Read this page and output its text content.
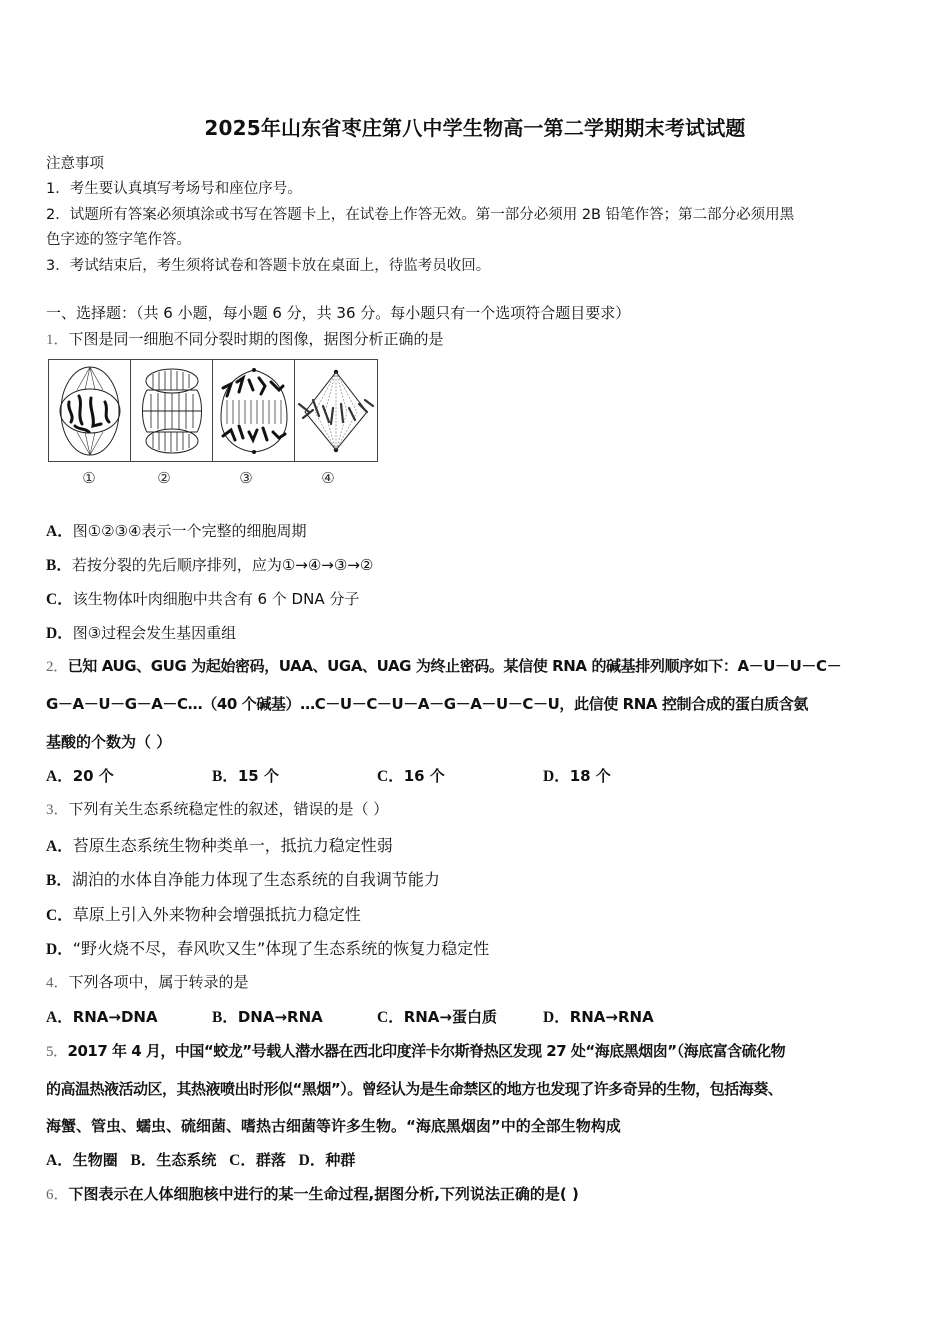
2025年山东省枣庄第八中学生物高一第二学期期末考试试题
注意事项
1．考生要认真填写考场号和座位序号。
2．试题所有答案必须填涂或书写在答题卡上，在试卷上作答无效。第一部分必须用 2B 铅笔作答；第二部分必须用黑
色字迹的签字笔作答。
3．考试结束后，考生须将试卷和答题卡放在桌面上，待监考员收回。
一、选择题：（共 6 小题，每小题 6 分，共 36 分。每小题只有一个选项符合题目要求）
1．下图是同一细胞不同分裂时期的图像，据图分析正确的是
①	②	③	④
A．图①②③④表示一个完整的细胞周期
B．若按分裂的先后顺序排列，应为①→④→③→②
C．该生物体叶肉细胞中共含有 6 个 DNA 分子
D．图③过程会发生基因重组
2．已知 AUG、GUG 为起始密码，UAA、UGA、UAG 为终止密码。某信使 RNA 的碱基排列顺序如下：A－U－U－C－
G－A－U－G－A－C…（40 个碱基）…C－U－C－U－A－G－A－U－C－U，此信使 RNA 控制合成的蛋白质含氨
基酸的个数为（ ）
A．20 个	B．15 个	C．16 个	D．18 个
3．下列有关生态系统稳定性的叙述，错误的是（ ）
A．苔原生态系统生物种类单一，抵抗力稳定性弱
B．湖泊的水体自净能力体现了生态系统的自我调节能力
C．草原上引入外来物种会增强抵抗力稳定性
D．“野火烧不尽，春风吹又生”体现了生态系统的恢复力稳定性
4．下列各项中，属于转录的是
A．RNA→DNA	B．DNA→RNA	C．RNA→蛋白质	D．RNA→RNA
5．2017 年 4 月，中国“蛟龙”号载人潜水器在西北印度洋卡尔斯脊热区发现 27 处“海底黑烟囱”（海底富含硫化物
的高温热液活动区，其热液喷出时形似“黑烟”）。曾经认为是生命禁区的地方也发现了许多奇异的生物，包括海葵、
海蟹、管虫、蠕虫、硫细菌、嗜热古细菌等许多生物。“海底黑烟囱”中的全部生物构成
A．生物圈 B．生态系统 C．群落 D．种群
6．下图表示在人体细胞核中进行的某一生命过程,据图分析,下列说法正确的是( )
